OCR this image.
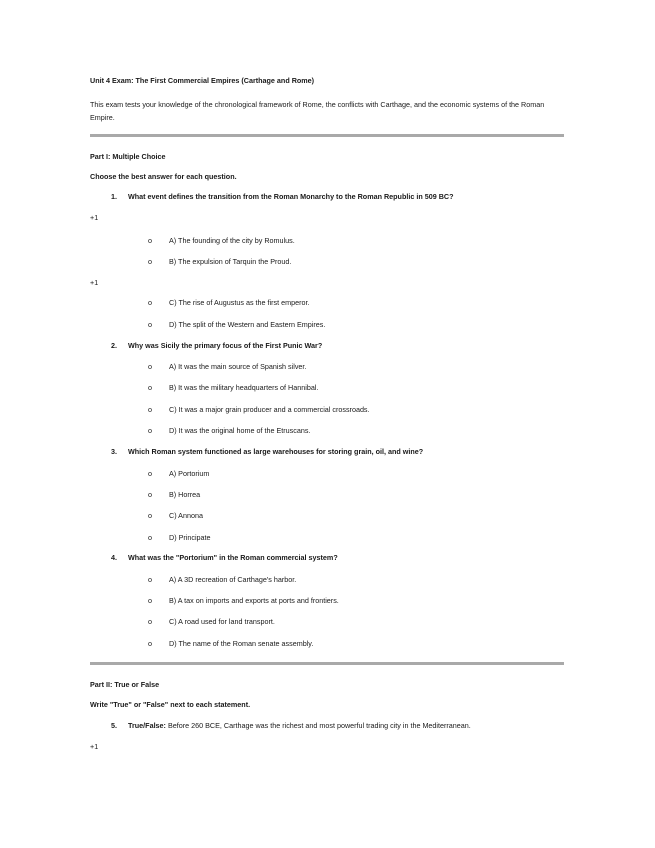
Unit 4 Exam: The First Commercial Empires (Carthage and Rome)
This exam tests your knowledge of the chronological framework of Rome, the conflicts with Carthage, and the economic systems of the Roman Empire.
Part I: Multiple Choice
Choose the best answer for each question.
1. What event defines the transition from the Roman Monarchy to the Roman Republic in 509 BC?
+1
o A) The founding of the city by Romulus.
o B) The expulsion of Tarquin the Proud.
+1
o C) The rise of Augustus as the first emperor.
o D) The split of the Western and Eastern Empires.
2. Why was Sicily the primary focus of the First Punic War?
o A) It was the main source of Spanish silver.
o B) It was the military headquarters of Hannibal.
o C) It was a major grain producer and a commercial crossroads.
o D) It was the original home of the Etruscans.
3. Which Roman system functioned as large warehouses for storing grain, oil, and wine?
o A) Portorium
o B) Horrea
o C) Annona
o D) Principate
4. What was the "Portorium" in the Roman commercial system?
o A) A 3D recreation of Carthage's harbor.
o B) A tax on imports and exports at ports and frontiers.
o C) A road used for land transport.
o D) The name of the Roman senate assembly.
Part II: True or False
Write "True" or "False" next to each statement.
5. True/False: Before 260 BCE, Carthage was the richest and most powerful trading city in the Mediterranean.
+1
